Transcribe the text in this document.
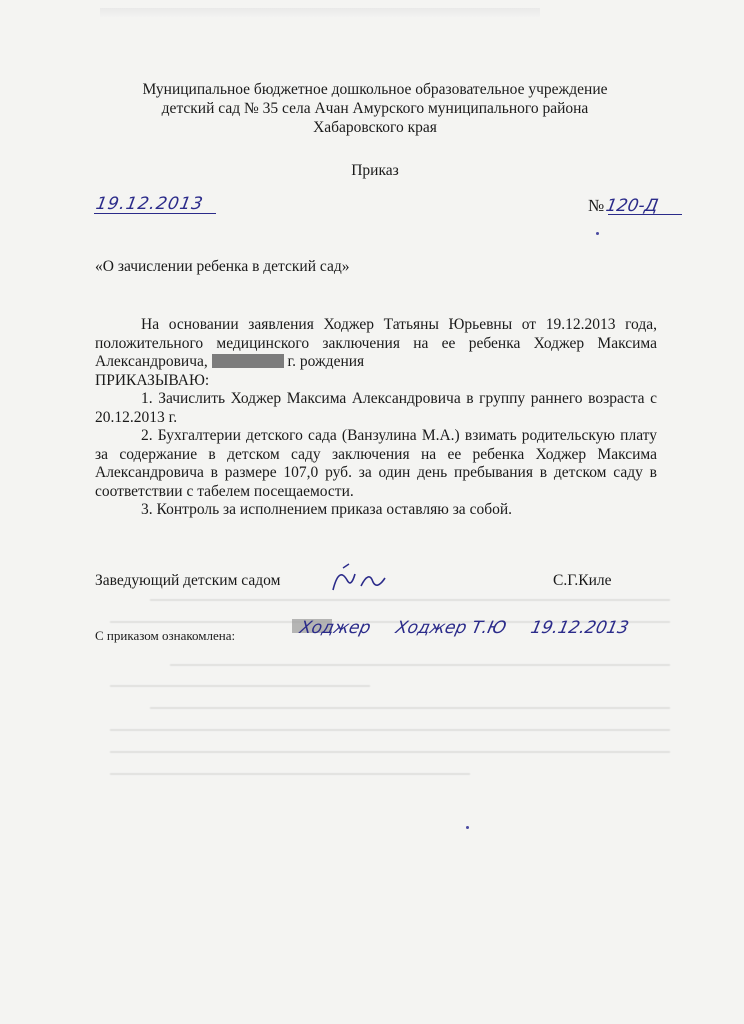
Муниципальное бюджетное дошкольное образовательное учреждение
детский сад № 35 села Ачан Амурского муниципального района
Хабаровского края
Приказ
19.12.2013	№120-Д
«О зачислении ребенка в детский сад»

На основании заявления Ходжер Татьяны Юрьевны от 19.12.2013 года, положительного медицинского заключения на ее ребенка Ходжер Максима Александровича,	г. рождения

ПРИКАЗЫВАЮ:

1. Зачислить Ходжер Максима Александровича в группу раннего возраста с 20.12.2013 г.

2. Бухгалтерии детского сада (Ванзулина М.А.) взимать родительскую плату за содержание в детском саду заключения на ее ребенка Ходжер Максима Александровича в размере 107,0 руб. за один день пребывания в детском саду в соответствии с табелем посещаемости.

3. Контроль за исполнением приказа оставляю за собой.

Заведующий детским садом	С.Г.Киле
С приказом ознакомлена:	Ходжер Ходжер Т.Ю 19.12.2013
